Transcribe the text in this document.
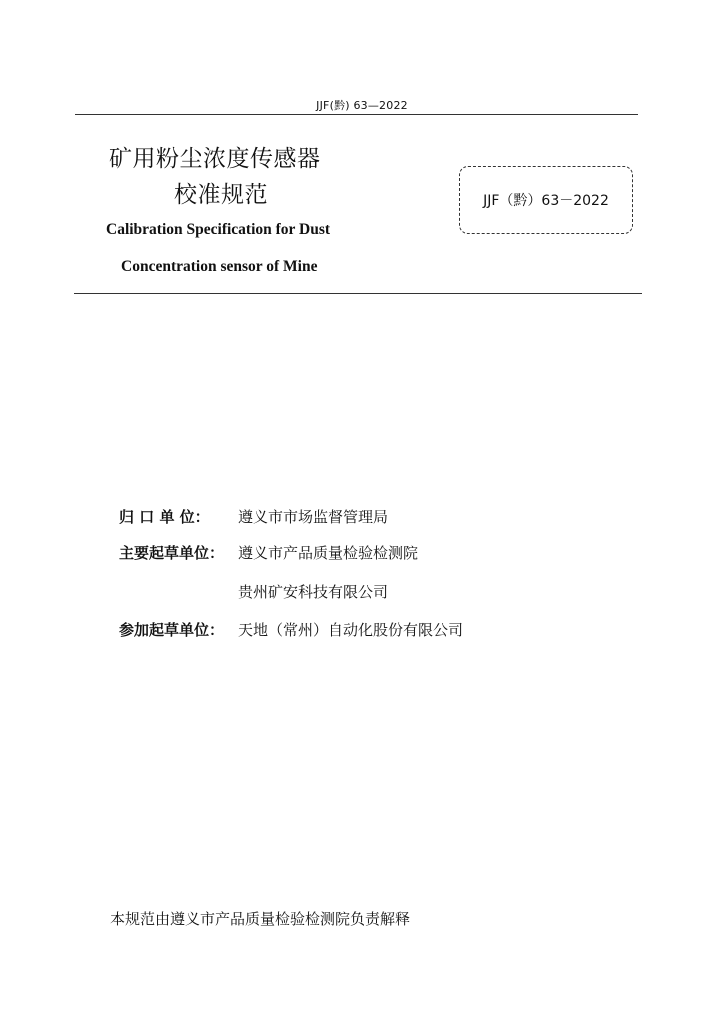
JJF(黔) 63—2022
矿用粉尘浓度传感器
校准规范
Calibration Specification for Dust
Concentration sensor of Mine
JJF（黔）63－2022
归 口 单 位： 遵义市市场监督管理局
主要起草单位： 遵义市产品质量检验检测院
贵州矿安科技有限公司
参加起草单位： 天地（常州）自动化股份有限公司
本规范由遵义市产品质量检验检测院负责解释
